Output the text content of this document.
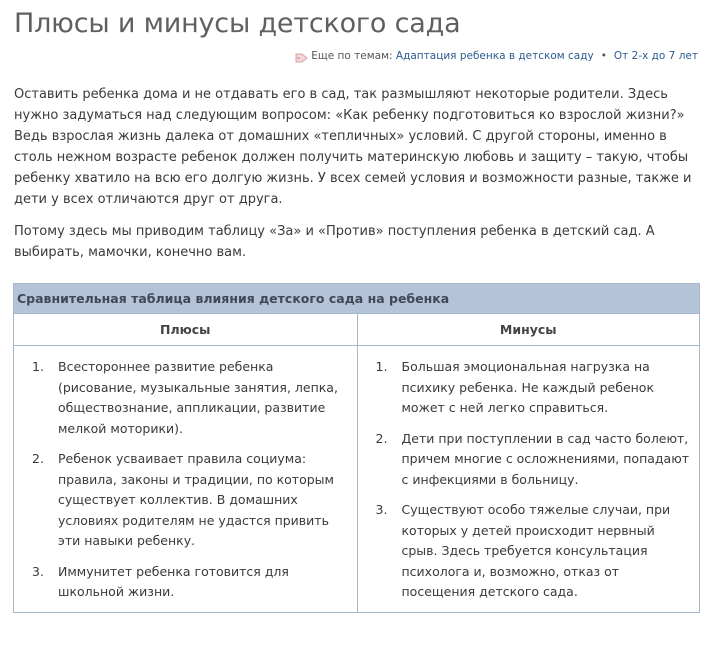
Плюсы и минусы детского сада
Еще по темам:
Адаптация ребенка в детском саду • От 2-х до 7 лет

Оставить ребенка дома и не отдавать его в сад, так размышляют некоторые родители. Здесь нужно задуматься над следующим вопросом: «Как ребенку подготовиться ко взрослой жизни?» Ведь взрослая жизнь далека от домашних «тепличных» условий. С другой стороны, именно в столь нежном возрасте ребенок должен получить материнскую любовь и защиту – такую, чтобы ребенку хватило на всю его долгую жизнь. У всех семей условия и возможности разные, также и дети у всех отличаются друг от друга.

Потому здесь мы приводим таблицу «За» и «Против» поступления ребенка в детский сад. А выбирать, мамочки, конечно вам.

Сравнительная таблица влияния детского сада на ребенка
Плюсы
1. Всестороннее развитие ребенка (рисование, музыкальные занятия, лепка, обществознание, аппликации, развитие мелкой моторики).
2. Ребенок усваивает правила социума: правила, законы и традиции, по которым существует коллектив. В домашних условиях родителям не удастся привить эти навыки ребенку.
3. Иммунитет ребенка готовится для школьной жизни.
Минусы
1. Большая эмоциональная нагрузка на психику ребенка. Не каждый ребенок может с ней легко справиться.
2. Дети при поступлении в сад часто болеют, причем многие с осложнениями, попадают с инфекциями в больницу.
3. Существуют особо тяжелые случаи, при которых у детей происходит нервный срыв. Здесь требуется консультация психолога и, возможно, отказ от посещения детского сада.
